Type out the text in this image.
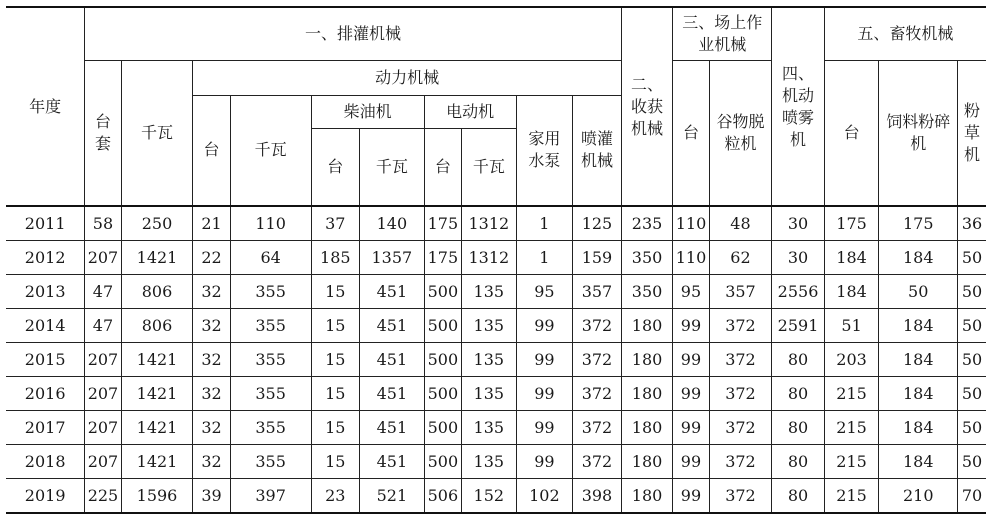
年度	一、排灌机械										二、收获机械	三、场上作业机械		四、机动喷雾机	五、畜牧机械		

	台套	千瓦	动力机械									台	谷物脱粒机		台	饲料粉碎机	粉草机

			台	千瓦	柴油机		电动机		家用水泵	喷灌机械							

					台	千瓦	台	千瓦									

2011	58	250	21	110	37	140	175	1312	1	125	235	110	48	30	175	175	36
2012	207	1421	22	64	185	1357	175	1312	1	159	350	110	62	30	184	184	50
2013	47	806	32	355	15	451	500	135	95	357	350	95	357	2556	184	50	50
2014	47	806	32	355	15	451	500	135	99	372	180	99	372	2591	51	184	50
2015	207	1421	32	355	15	451	500	135	99	372	180	99	372	80	203	184	50
2016	207	1421	32	355	15	451	500	135	99	372	180	99	372	80	215	184	50
2017	207	1421	32	355	15	451	500	135	99	372	180	99	372	80	215	184	50
2018	207	1421	32	355	15	451	500	135	99	372	180	99	372	80	215	184	50
2019	225	1596	39	397	23	521	506	152	102	398	180	99	372	80	215	210	70
